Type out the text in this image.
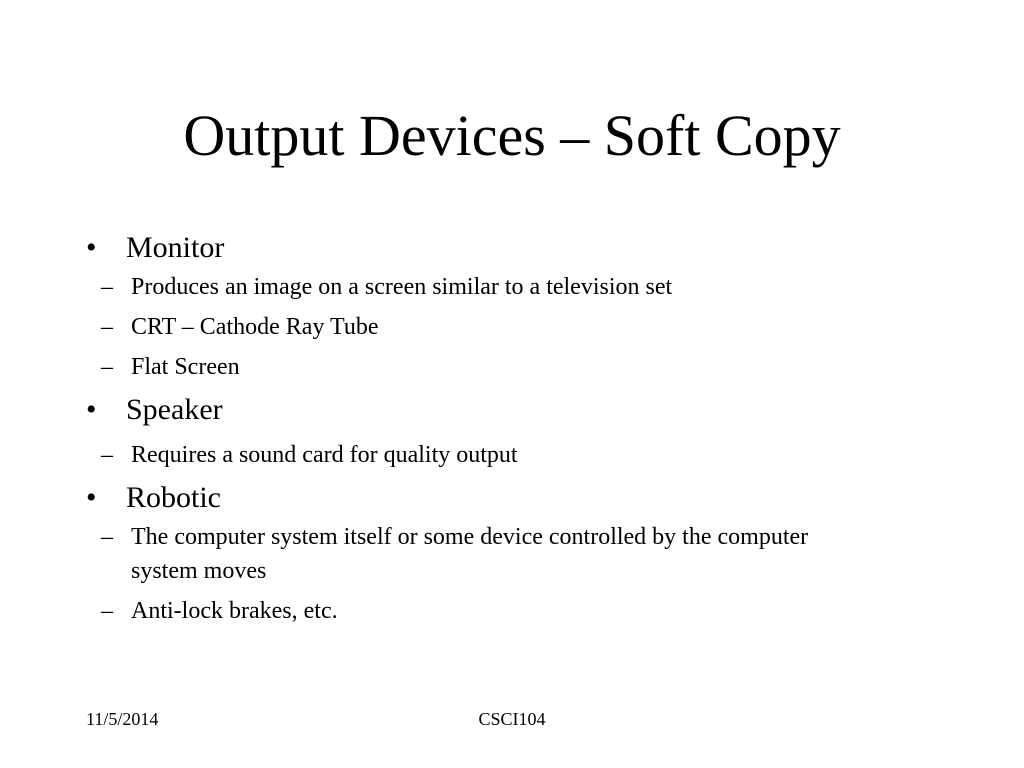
Output Devices – Soft Copy
• Monitor
– Produces an image on a screen similar to a television set
– CRT – Cathode Ray Tube
– Flat Screen
• Speaker
– Requires a sound card for quality output
• Robotic
– The computer system itself or some device controlled by the computer system moves
– Anti-lock brakes, etc.
11/5/2014	CSCI104
